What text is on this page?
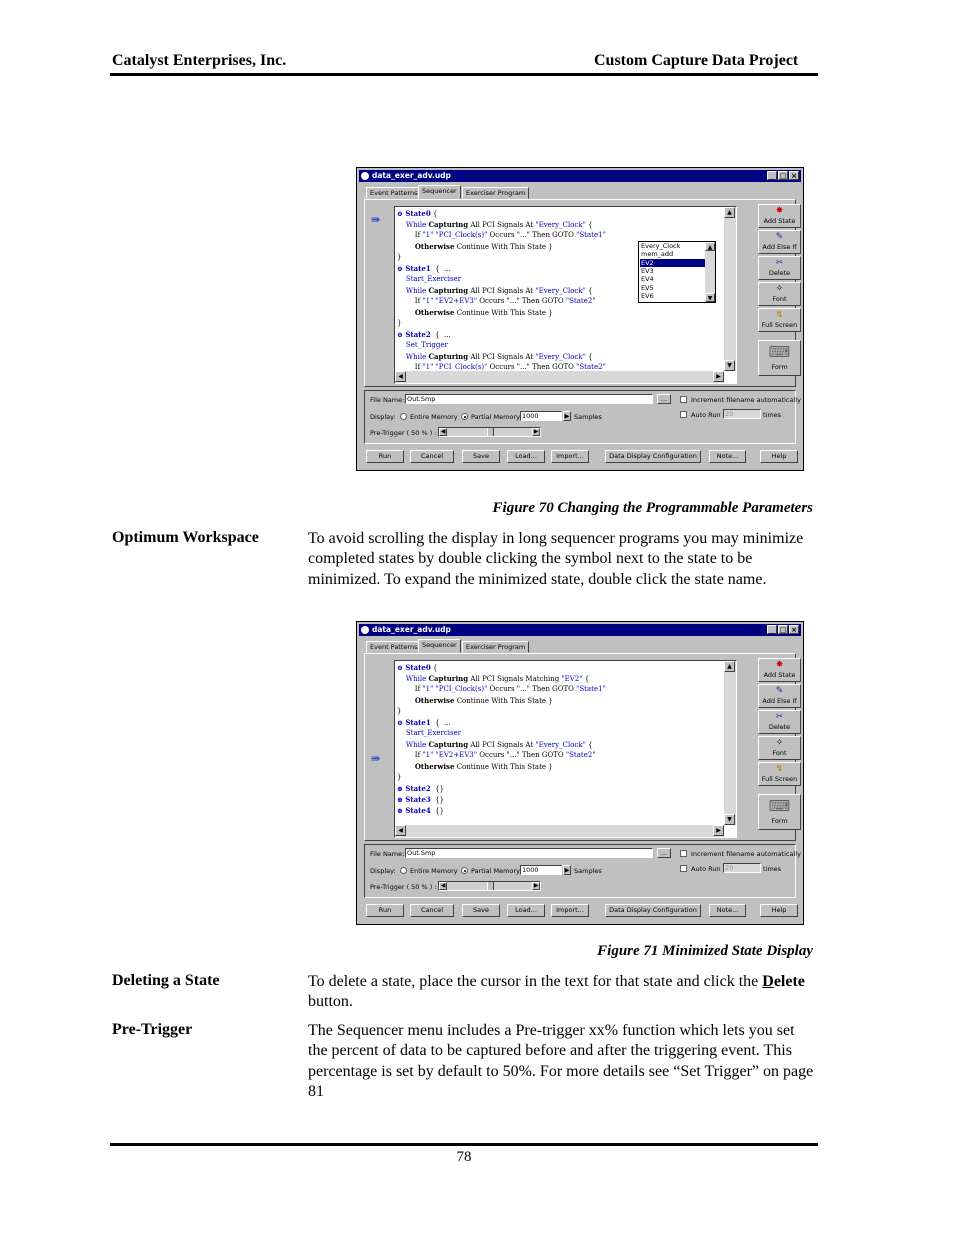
Catalyst Enterprises, Inc.	Custom Capture Data Project
data_exer_adv.udp	_ □ ×
Event Patterns Sequencer	Exerciser Program
⊖ State0 {
While Capturing All PCI Signals At "Every_Clock" {
If "1" "PCI_Clock(s)" Occurs "..." Then GOTO "State1"
Otherwise Continue With This State }
}
⊖ State1  {  ...
Start_Exerciser
While Capturing All PCI Signals At "Every_Clock" {
If "1" "EV2+EV3" Occurs "..." Then GOTO "State2"
Otherwise Continue With This State }
}
⊖ State2  {  ...
Set_Trigger
While Capturing All PCI Signals At "Every_Clock" {
If "1" "PCI_Clock(s)" Occurs "..." Then GOTO "State2"
▲
▼
◀	▶
Every_Clock
mem_add
EV2
EV3
EV4
EV5
EV6
▲
▼
⇛
✸
Add State
✎
Add Else If
✂
Delete
✧
Font
↯
Full Screen
⌨
Form
File Name: Out.Smp	...	Increment filename automatically
Display: Entire Memory Partial Memory 1000	▶ Samples	Auto Run 20	times
Pre-Trigger ( 50 % ) : ◀	▶
Run	Cancel	Save	Load...	Import...	Data Display Configuration	Note...	Help
Figure 70 Changing the Programmable Parameters
Optimum Workspace	To avoid scrolling the display in long sequencer programs you may minimize completed states by double clicking the symbol next to the state to be minimized. To expand the minimized state, double click the state name.
data_exer_adv.udp	_ □ ×
Event Patterns Sequencer	Exerciser Program
⊖ State0 {
While Capturing All PCI Signals Matching "EV2" {
If "1" "PCI_Clock(s)" Occurs "..." Then GOTO "State1"
Otherwise Continue With This State }
}
⊖ State1  {  ...
Start_Exerciser
While Capturing All PCI Signals At "Every_Clock" {
If "1" "EV2+EV3" Occurs "..." Then GOTO "State2"
Otherwise Continue With This State }
}
⊕ State2  {}
⊕ State3  {}
⊕ State4  {}
▲
▼
◀	▶
⇛
✸
Add State
✎
Add Else If
✂
Delete
✧
Font
↯
Full Screen
⌨
Form
File Name: Out.Smp	...	Increment filename automatically
Display: Entire Memory Partial Memory 1000	▶ Samples	Auto Run 20	times
Pre-Trigger ( 50 % ) : ◀	▶
Run	Cancel	Save	Load...	Import...	Data Display Configuration	Note...	Help
Figure 71 Minimized State Display
Deleting a State	To delete a state, place the cursor in the text for that state and click the Delete button.
Pre-Trigger	The Sequencer menu includes a Pre-trigger xx% function which lets you set the percent of data to be captured before and after the triggering event. This percentage is set by default to 50%. For more details see “Set Trigger” on page 81
78
